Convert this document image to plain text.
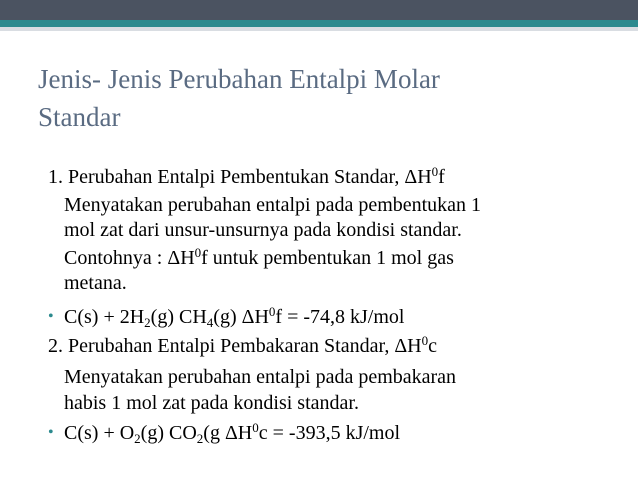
Jenis- Jenis Perubahan Entalpi Molar
Standar
1. Perubahan Entalpi Pembentukan Standar, $\Delta H^0f$
Menyatakan perubahan entalpi pada pembentukan 1
mol zat dari unsur-unsurnya pada kondisi standar.
Contohnya : $\Delta H^0f$ untuk pembentukan 1 mol gas
metana.
• $C(s) + 2H_2(g)$ $CH_4(g) \Delta H^0f = -74,8$ kJ/mol
2. Perubahan Entalpi Pembakaran Standar, $\Delta H^0c$
Menyatakan perubahan entalpi pada pembakaran
habis 1 mol zat pada kondisi standar.
• $C(s) + O_2(g)$ $CO_2(g$ $\Delta H^0c = -393,5$ kJ/mol
